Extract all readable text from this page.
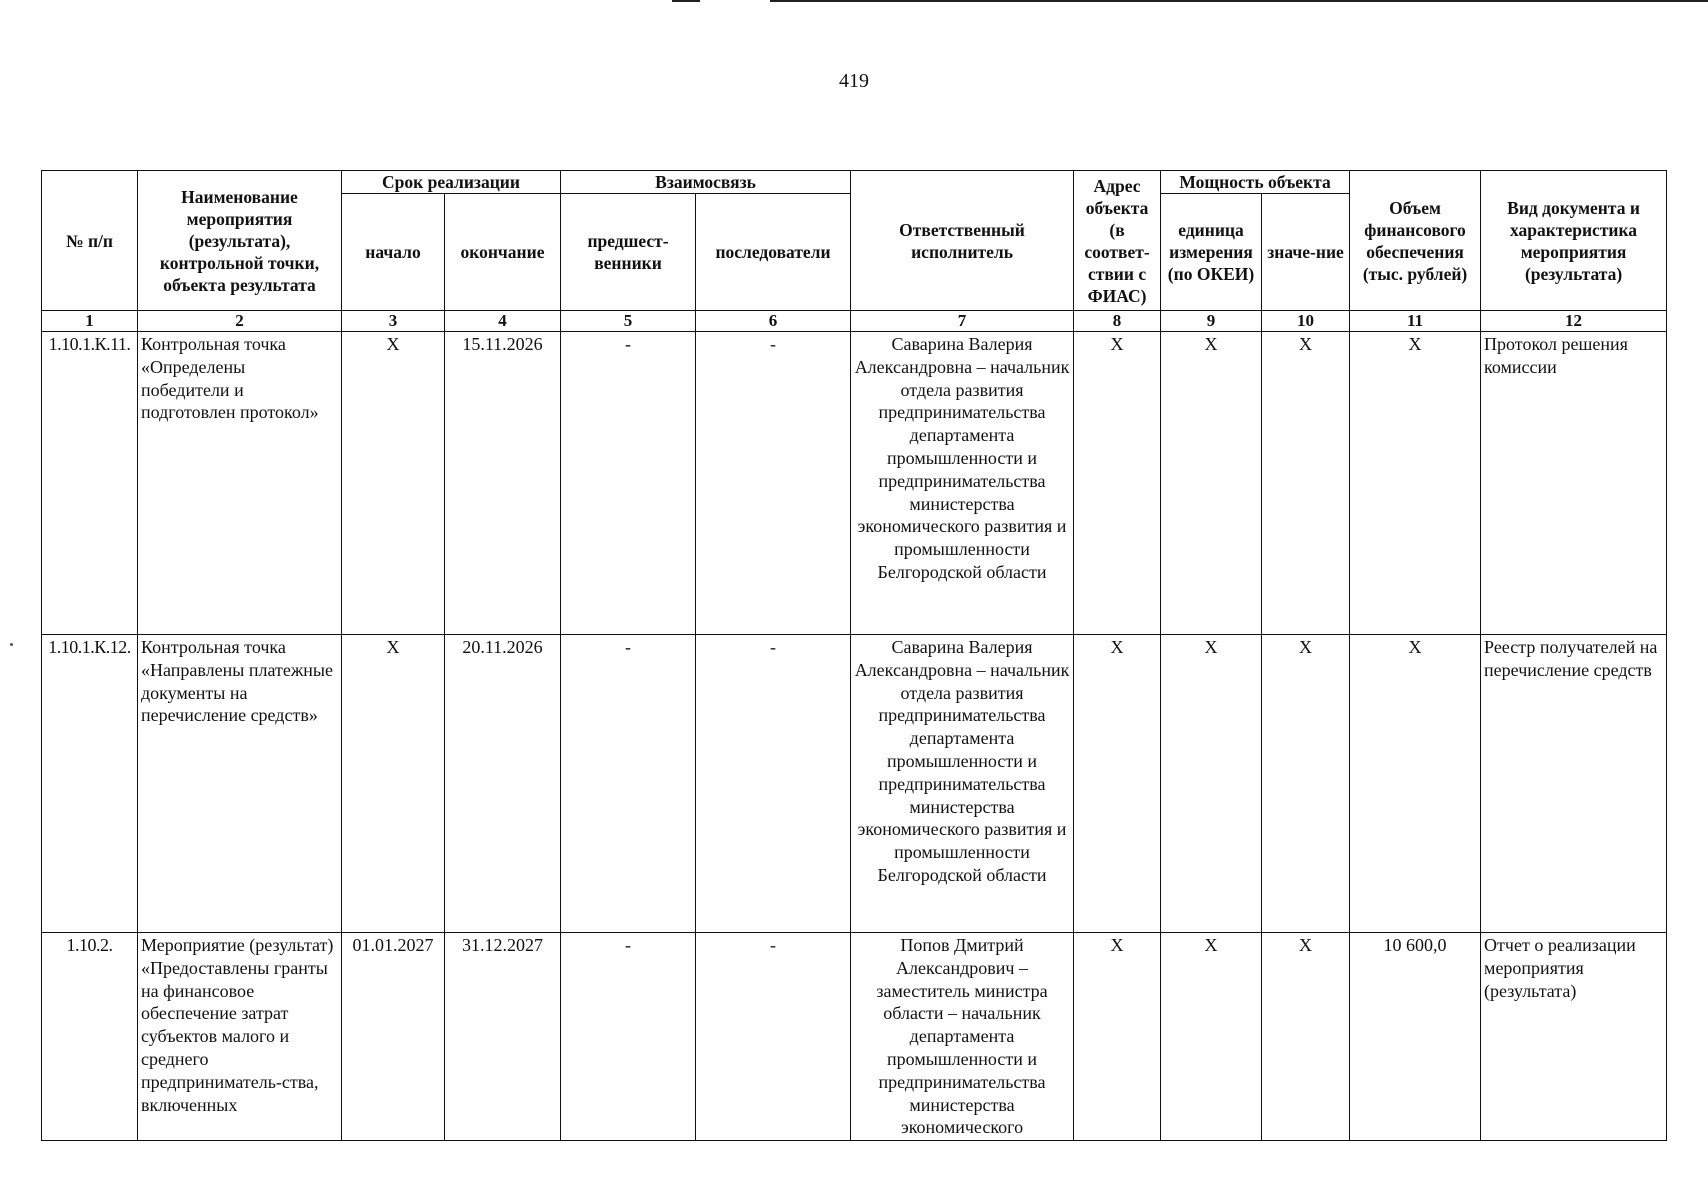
419
№ п/п	Наименование мероприятия (результата), контрольной точки, объекта результата	Срок реализации		Взаимосвязь		Ответственный исполнитель	Адрес объекта (в соответ-ствии с ФИАС)	Мощность объекта		Объем финансового обеспечения (тыс. рублей)	Вид документа и характеристика мероприятия (результата)
		начало	окончание	предшест-венники	последователи			единица измерения (по ОКЕИ)	значе-ние		
1	2	3	4	5	6	7	8	9	10	11	12
1.10.1.К.11.	Контрольная точка «Определены победители и подготовлен протокол»	X	15.11.2026	-	-	Саварина Валерия Александровна – начальник отдела развития предпринимательства департамента промышленности и предпринимательства министерства экономического развития и промышленности Белгородской области	X	X	X	X	Протокол решения комиссии
1.10.1.К.12.	Контрольная точка «Направлены платежные документы на перечисление средств»	X	20.11.2026	-	-	Саварина Валерия Александровна – начальник отдела развития предпринимательства департамента промышленности и предпринимательства министерства экономического развития и промышленности Белгородской области	X	X	X	X	Реестр получателей на перечисление средств
1.10.2.	Мероприятие (результат) «Предоставлены гранты на финансовое обеспечение затрат субъектов малого и среднего предприниматель-ства, включенных	01.01.2027	31.12.2027	-	-	Попов Дмитрий Александрович – заместитель министра области – начальник департамента промышленности и предпринимательства министерства экономического	X	X	X	10 600,0	Отчет о реализации мероприятия (результата)
